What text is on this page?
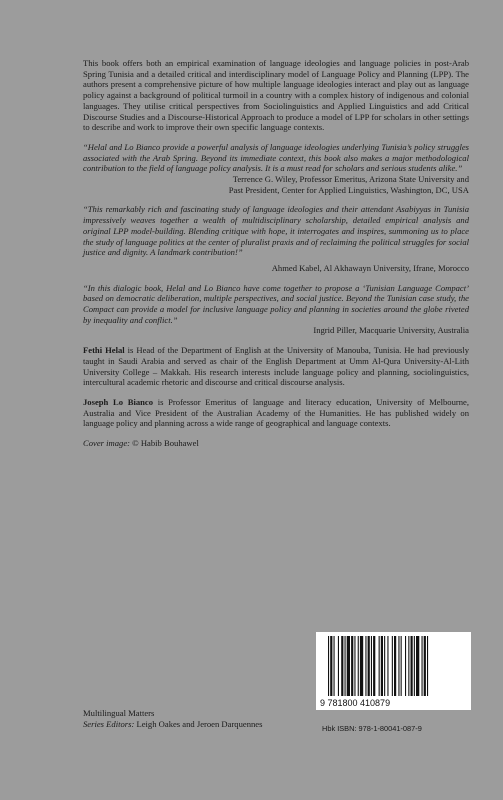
This book offers both an empirical examination of language ideologies and language policies in post-Arab Spring Tunisia and a detailed critical and interdisciplinary model of Language Policy and Planning (LPP). The authors present a comprehensive picture of how multiple language ideologies interact and play out as language policy against a background of political turmoil in a country with a complex history of indigenous and colonial languages. They utilise critical perspectives from Sociolinguistics and Applied Linguistics and add Critical Discourse Studies and a Discourse-Historical Approach to produce a model of LPP for scholars in other settings to describe and work to improve their own specific language contexts.

“Helal and Lo Bianco provide a powerful analysis of language ideologies underlying Tunisia’s policy struggles associated with the Arab Spring. Beyond its immediate context, this book also makes a major methodological contribution to the field of language policy analysis. It is a must read for scholars and serious students alike.”
Terrence G. Wiley, Professor Emeritus, Arizona State University and
Past President, Center for Applied Linguistics, Washington, DC, USA
“This remarkably rich and fascinating study of language ideologies and their attendant Asabiyyas in Tunisia impressively weaves together a wealth of multidisciplinary scholarship, detailed empirical analysis and original LPP model-building. Blending critique with hope, it interrogates and inspires, summoning us to place the study of language politics at the center of pluralist praxis and of reclaiming the political struggles for social justice and dignity. A landmark contribution!”
Ahmed Kabel, Al Akhawayn University, Ifrane, Morocco
“In this dialogic book, Helal and Lo Bianco have come together to propose a ‘Tunisian Language Compact’ based on democratic deliberation, multiple perspectives, and social justice. Beyond the Tunisian case study, the Compact can provide a model for inclusive language policy and planning in societies around the globe riveted by inequality and conflict.”
Ingrid Piller, Macquarie University, Australia

Fethi Helal is Head of the Department of English at the University of Manouba, Tunisia. He had previously taught in Saudi Arabia and served as chair of the English Department at Umm Al-Qura University-Al-Lith University College – Makkah. His research interests include language policy and planning, sociolinguistics, intercultural academic rhetoric and discourse and critical discourse analysis.

Joseph Lo Bianco is Professor Emeritus of language and literacy education, University of Melbourne, Australia and Vice President of the Australian Academy of the Humanities. He has published widely on language policy and planning across a wide range of geographical and language contexts.

Cover image: © Habib Bouhawel
9 781800 410879
Hbk ISBN: 978-1-80041-087-9
Multilingual Matters
Series Editors: Leigh Oakes and Jeroen Darquennes
